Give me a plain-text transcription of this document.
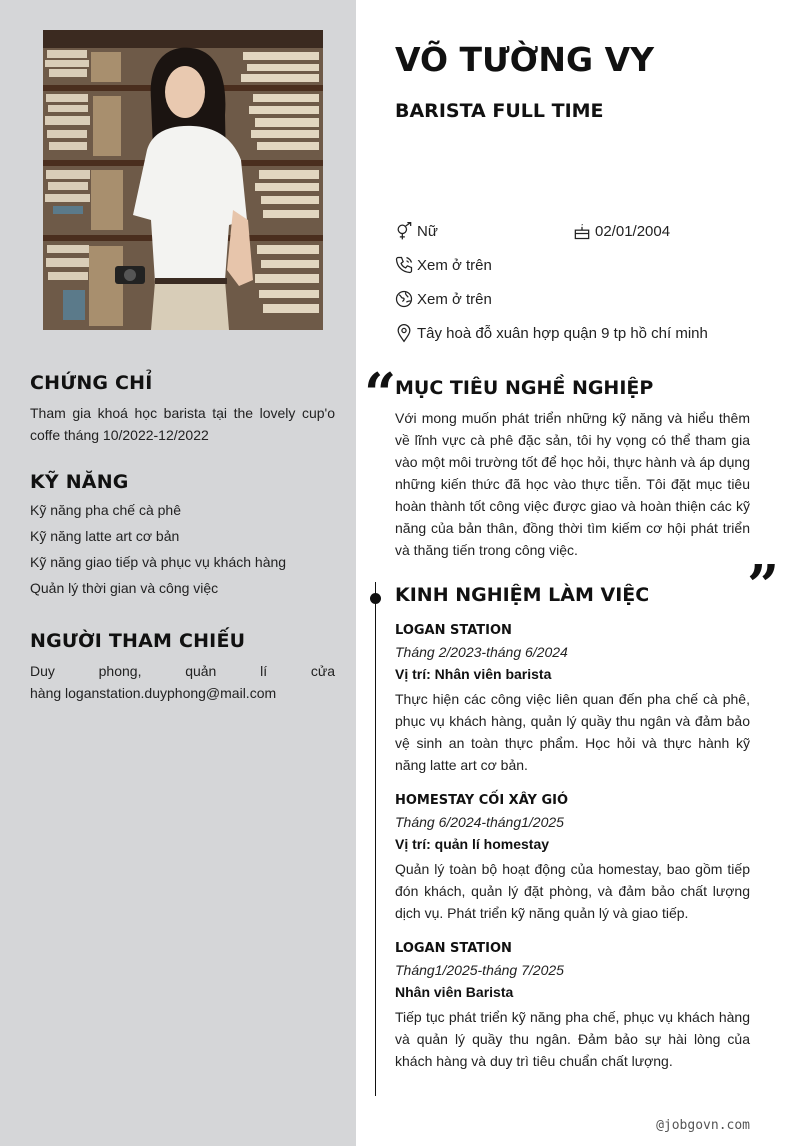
CHỨNG CHỈ
Tham gia khoá học barista tại the lovely cup'o coffe tháng 10/2022-12/2022
KỸ NĂNG
Kỹ năng pha chế cà phê
Kỹ năng latte art cơ bản
Kỹ năng giao tiếp và phục vụ khách hàng
Quản lý thời gian và công việc
NGƯỜI THAM CHIẾU
Duy	phong,	quản	lí	cửa
hàng loganstation.duyphong@mail.com
VÕ TƯỜNG VY
BARISTA FULL TIME
Nữ	02/01/2004
Xem ở trên
Xem ở trên
Tây hoà đỗ xuân hợp quận 9 tp hồ chí minh
“
MỤC TIÊU NGHỀ NGHIỆP
Với mong muốn phát triển những kỹ năng và hiểu thêm về lĩnh vực cà phê đặc sản, tôi hy vọng có thể tham gia vào một môi trường tốt để học hỏi, thực hành và áp dụng những kiến thức đã học vào thực tiễn. Tôi đặt mục tiêu hoàn thành tốt công việc được giao và hoàn thiện các kỹ năng của bản thân, đồng thời tìm kiếm cơ hội phát triển và thăng tiến trong công việc.
”
KINH NGHIỆM LÀM VIỆC
LOGAN STATION
Tháng 2/2023-tháng 6/2024
Vị trí: Nhân viên barista
Thực hiện các công việc liên quan đến pha chế cà phê, phục vụ khách hàng, quản lý quầy thu ngân và đảm bảo vệ sinh an toàn thực phẩm. Học hỏi và thực hành kỹ năng latte art cơ bản.
HOMESTAY CỐI XÂY GIÓ
Tháng 6/2024-tháng1/2025
Vị trí: quản lí homestay
Quản lý toàn bộ hoạt động của homestay, bao gồm tiếp đón khách, quản lý đặt phòng, và đảm bảo chất lượng dịch vụ. Phát triển kỹ năng quản lý và giao tiếp.
LOGAN STATION
Tháng1/2025-tháng 7/2025
Nhân viên Barista
Tiếp tục phát triển kỹ năng pha chế, phục vụ khách hàng và quản lý quầy thu ngân. Đảm bảo sự hài lòng của khách hàng và duy trì tiêu chuẩn chất lượng.
@jobgovn.com
